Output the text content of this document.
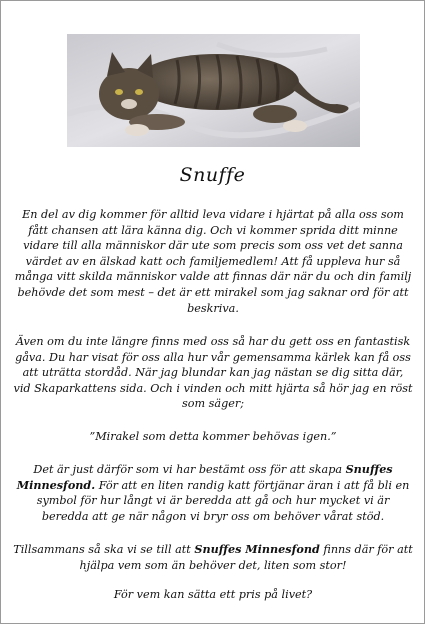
Snuffe
En del av dig kommer för alltid leva vidare i hjärtat på alla oss som fått chansen att lära känna dig. Och vi kommer sprida ditt minne vidare till alla människor där ute som precis som oss vet det sanna värdet av en älskad katt och familjemedlem! Att få uppleva hur så många vitt skilda människor valde att finnas där när du och din familj behövde det som mest – det är ett mirakel som jag saknar ord för att beskriva.
Även om du inte längre finns med oss så har du gett oss en fantastisk gåva. Du har visat för oss alla hur vår gemensamma kärlek kan få oss att uträtta stordåd. När jag blundar kan jag nästan se dig sitta där, vid Skaparkattens sida. Och i vinden och mitt hjärta så hör jag en röst som säger;
”Mirakel som detta kommer behövas igen.”
Det är just därför som vi har bestämt oss för att skapa Snuffes Minnesfond. För att en liten randig katt förtjänar äran i att få bli en symbol för hur långt vi är beredda att gå och hur mycket vi är beredda att ge när någon vi bryr oss om behöver vårat stöd.
Tillsammans så ska vi se till att Snuffes Minnesfond finns där för att hjälpa vem som än behöver det, liten som stor!
För vem kan sätta ett pris på livet?
